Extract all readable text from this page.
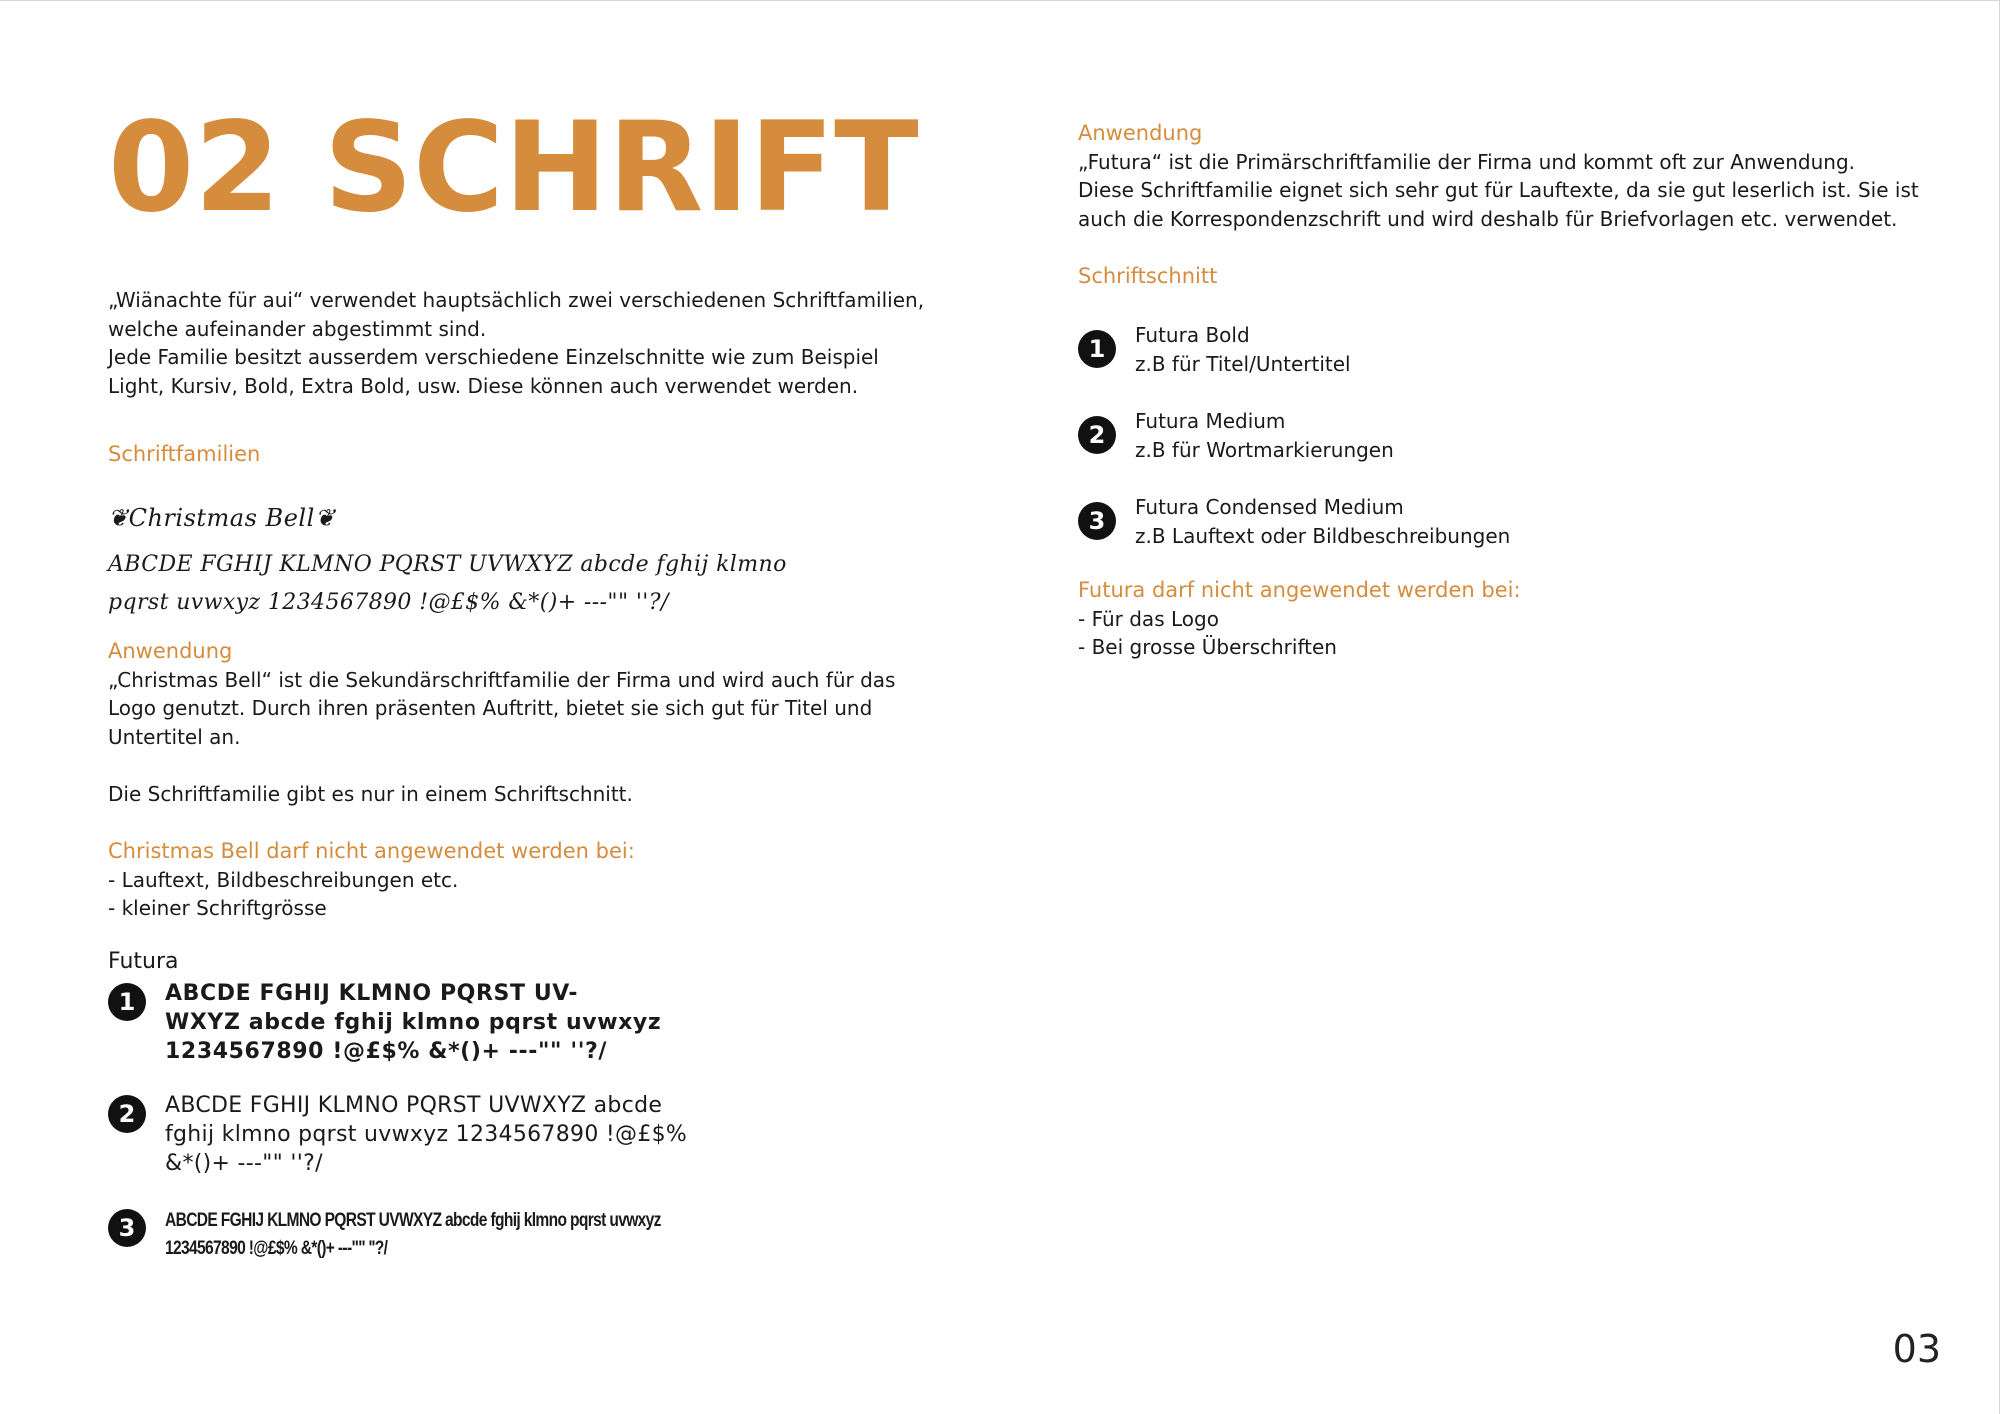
02 SCHRIFT

„Wiänachte für aui“ verwendet hauptsächlich zwei verschiedenen Schriftfamilien,

welche aufeinander abgestimmt sind.

Jede Familie besitzt ausserdem verschiedene Einzelschnitte wie zum Beispiel

Light, Kursiv, Bold, Extra Bold, usw. Diese können auch verwendet werden.

Schriftfamilien
❦Christmas Bell❦
ABCDE FGHIJ KLMNO PQRST UVWXYZ abcde fghij klmno
pqrst uvwxyz 1234567890 !@£$% &*()+ ---"" ''?/

Anwendung

„Christmas Bell“ ist die Sekundärschriftfamilie der Firma und wird auch für das

Logo genutzt. Durch ihren präsenten Auftritt, bietet sie sich gut für Titel und

Untertitel an.

Die Schriftfamilie gibt es nur in einem Schriftschnitt.

Christmas Bell darf nicht angewendet werden bei:

- Lauftext, Bildbeschreibungen etc.

- kleiner Schriftgrösse

Futura
1	ABCDE FGHIJ KLMNO PQRST UV-
WXYZ abcde fghij klmno pqrst uvwxyz
1234567890 !@£$% &*()+ ---"" ''?/
2	ABCDE FGHIJ KLMNO PQRST UVWXYZ abcde
fghij klmno pqrst uvwxyz 1234567890 !@£$%
&*()+ ---"" ''?/
3	ABCDE FGHIJ KLMNO PQRST UVWXYZ abcde fghij klmno pqrst uvwxyz
1234567890 !@£$% &*()+ ---"" ''?/

Anwendung

„Futura“ ist die Primärschriftfamilie der Firma und kommt oft zur Anwendung.

Diese Schriftfamilie eignet sich sehr gut für Lauftexte, da sie gut leserlich ist. Sie ist

auch die Korrespondenzschrift und wird deshalb für Briefvorlagen etc. verwendet.

Schriftschnitt
1	Futura Bold
z.B für Titel/Untertitel
2	Futura Medium
z.B für Wortmarkierungen
3	Futura Condensed Medium
z.B Lauftext oder Bildbeschreibungen

Futura darf nicht angewendet werden bei:

- Für das Logo

- Bei grosse Überschriften

03
